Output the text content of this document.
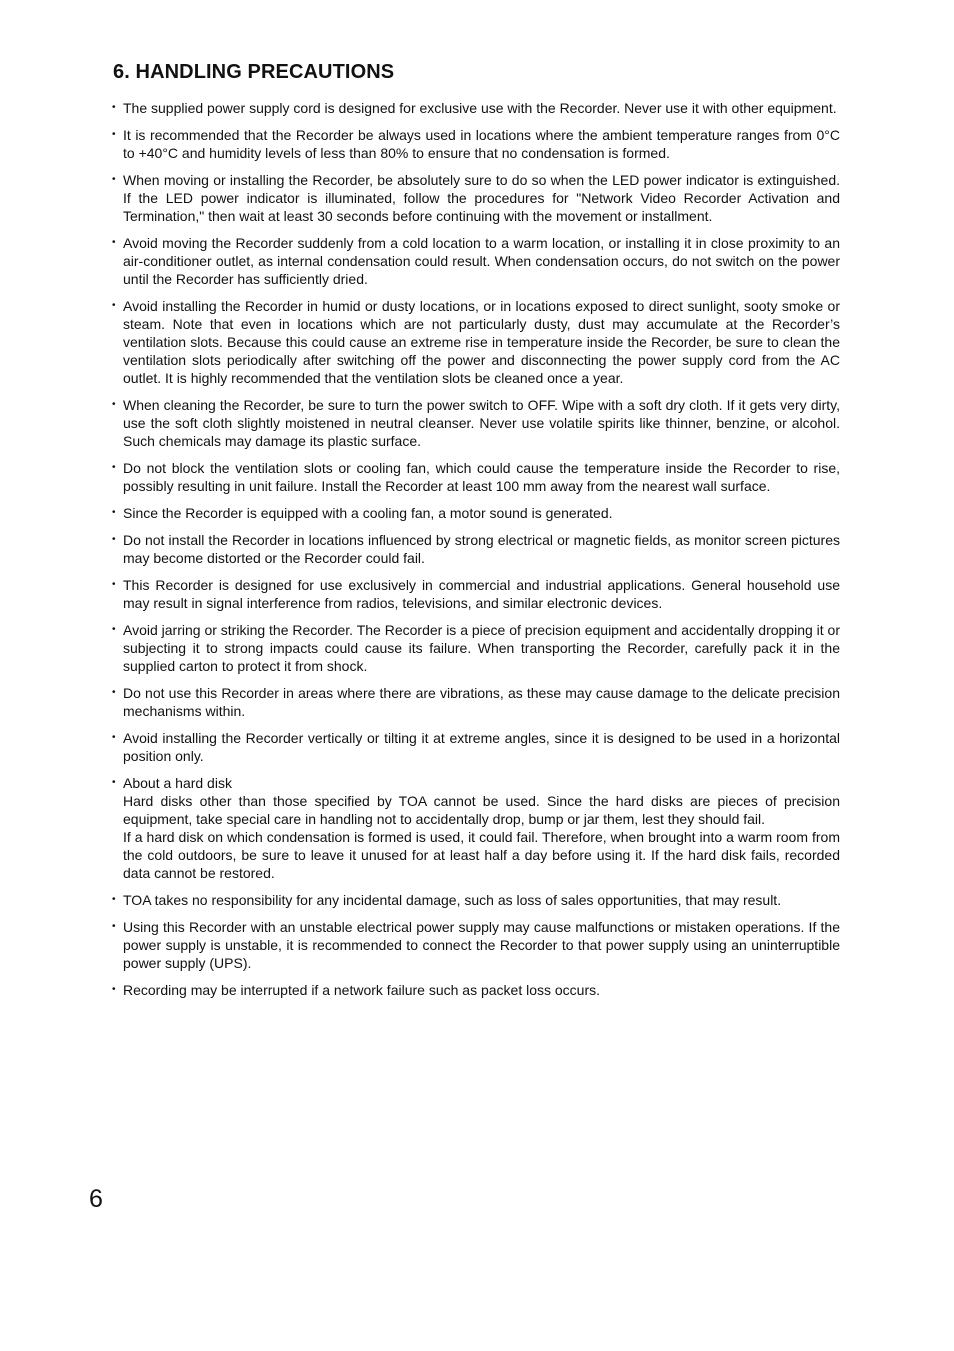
6. HANDLING PRECAUTIONS
• The supplied power supply cord is designed for exclusive use with the Recorder. Never use it with other equipment.
• It is recommended that the Recorder be always used in locations where the ambient temperature ranges from 0°C to +40°C and humidity levels of less than 80% to ensure that no condensation is formed.
• When moving or installing the Recorder, be absolutely sure to do so when the LED power indicator is extinguished. If the LED power indicator is illuminated, follow the procedures for "Network Video Recorder Activation and Termination," then wait at least 30 seconds before continuing with the movement or installment.
• Avoid moving the Recorder suddenly from a cold location to a warm location, or installing it in close proximity to an air-conditioner outlet, as internal condensation could result. When condensation occurs, do not switch on the power until the Recorder has sufficiently dried.
• Avoid installing the Recorder in humid or dusty locations, or in locations exposed to direct sunlight, sooty smoke or steam. Note that even in locations which are not particularly dusty, dust may accumulate at the Recorder’s ventilation slots. Because this could cause an extreme rise in temperature inside the Recorder, be sure to clean the ventilation slots periodically after switching off the power and disconnecting the power supply cord from the AC outlet. It is highly recommended that the ventilation slots be cleaned once a year.
• When cleaning the Recorder, be sure to turn the power switch to OFF. Wipe with a soft dry cloth. If it gets very dirty, use the soft cloth slightly moistened in neutral cleanser. Never use volatile spirits like thinner, benzine, or alcohol. Such chemicals may damage its plastic surface.
• Do not block the ventilation slots or cooling fan, which could cause the temperature inside the Recorder to rise, possibly resulting in unit failure. Install the Recorder at least 100 mm away from the nearest wall surface.
• Since the Recorder is equipped with a cooling fan, a motor sound is generated.
• Do not install the Recorder in locations influenced by strong electrical or magnetic fields, as monitor screen pictures may become distorted or the Recorder could fail.
• This Recorder is designed for use exclusively in commercial and industrial applications. General household use may result in signal interference from radios, televisions, and similar electronic devices.
• Avoid jarring or striking the Recorder. The Recorder is a piece of precision equipment and accidentally dropping it or subjecting it to strong impacts could cause its failure. When transporting the Recorder, carefully pack it in the supplied carton to protect it from shock.
• Do not use this Recorder in areas where there are vibrations, as these may cause damage to the delicate precision mechanisms within.
• Avoid installing the Recorder vertically or tilting it at extreme angles, since it is designed to be used in a horizontal position only.
• About a hard disk
Hard disks other than those specified by TOA cannot be used. Since the hard disks are pieces of precision equipment, take special care in handling not to accidentally drop, bump or jar them, lest they should fail.
If a hard disk on which condensation is formed is used, it could fail. Therefore, when brought into a warm room from the cold outdoors, be sure to leave it unused for at least half a day before using it. If the hard disk fails, recorded data cannot be restored.
• TOA takes no responsibility for any incidental damage, such as loss of sales opportunities, that may result.
• Using this Recorder with an unstable electrical power supply may cause malfunctions or mistaken operations. If the power supply is unstable, it is recommended to connect the Recorder to that power supply using an uninterruptible power supply (UPS).
• Recording may be interrupted if a network failure such as packet loss occurs.
6
